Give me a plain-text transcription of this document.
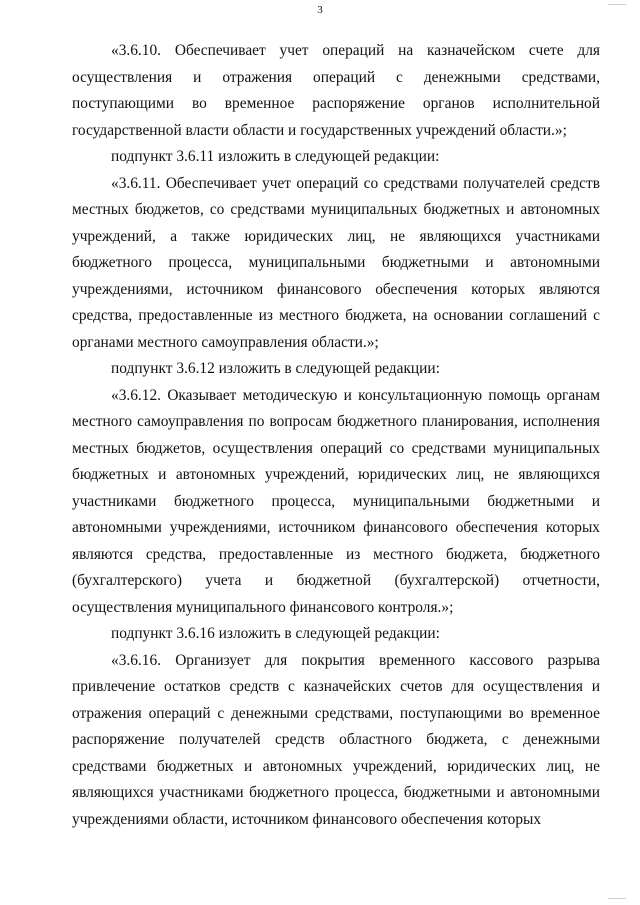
3

«3.6.10. Обеспечивает учет операций на казначейском счете для осуществления и отражения операций с денежными средствами, поступающими во временное распоряжение органов исполнительной государственной власти области и государственных учреждений области.»;

подпункт 3.6.11 изложить в следующей редакции:

«3.6.11. Обеспечивает учет операций со средствами получателей средств местных бюджетов, со средствами муниципальных бюджетных и автономных учреждений, а также юридических лиц, не являющихся участниками бюджетного процесса, муниципальными бюджетными и автономными учреждениями, источником финансового обеспечения которых являются средства, предоставленные из местного бюджета, на основании соглашений с органами местного самоуправления области.»;

подпункт 3.6.12 изложить в следующей редакции:

«3.6.12. Оказывает методическую и консультационную помощь органам местного самоуправления по вопросам бюджетного планирования, исполнения местных бюджетов, осуществления операций со средствами муниципальных бюджетных и автономных учреждений, юридических лиц, не являющихся участниками бюджетного процесса, муниципальными бюджетными и автономными учреждениями, источником финансового обеспечения которых являются средства, предоставленные из местного бюджета, бюджетного (бухгалтерского) учета и бюджетной (бухгалтерской) отчетности, осуществления муниципального финансового контроля.»;

подпункт 3.6.16 изложить в следующей редакции:

«3.6.16. Организует для покрытия временного кассового разрыва привлечение остатков средств с казначейских счетов для осуществления и отражения операций с денежными средствами, поступающими во временное распоряжение получателей средств областного бюджета, с денежными средствами бюджетных и автономных учреждений, юридических лиц, не являющихся участниками бюджетного процесса, бюджетными и автономными учреждениями области, источником финансового обеспечения которых
